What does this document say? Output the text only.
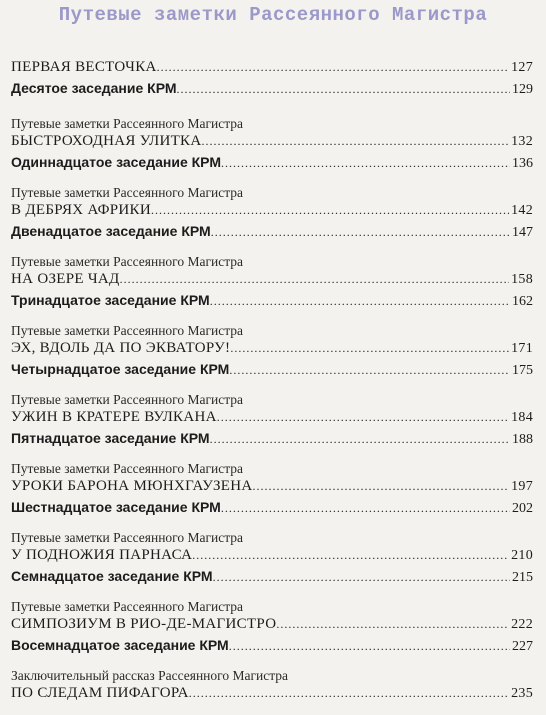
Путевые заметки Рассеянного Магистра
ПЕРВАЯ ВЕСТОЧКА .....	127
Десятое заседание КРМ .....	129
Путевые заметки Рассеянного Магистра
БЫСТРОХОДНАЯ УЛИТКА .....	132
Одиннадцатое заседание КРМ .....	136
Путевые заметки Рассеянного Магистра
В ДЕБРЯХ АФРИКИ .....	142
Двенадцатое заседание КРМ .....	147
Путевые заметки Рассеянного Магистра
НА ОЗЕРЕ ЧАД .....	158
Тринадцатое заседание КРМ .....	162
Путевые заметки Рассеянного Магистра
ЭХ, ВДОЛЬ ДА ПО ЭКВАТОРУ! .....	171
Четырнадцатое заседание КРМ .....	175
Путевые заметки Рассеянного Магистра
УЖИН В КРАТЕРЕ ВУЛКАНА .....	184
Пятнадцатое заседание КРМ .....	188
Путевые заметки Рассеянного Магистра
УРОКИ БАРОНА МЮНХГАУЗЕНА .....	197
Шестнадцатое заседание КРМ .....	202
Путевые заметки Рассеянного Магистра
У ПОДНОЖИЯ ПАРНАСА .....	210
Семнадцатое заседание КРМ .....	215
Путевые заметки Рассеянного Магистра
СИМПОЗИУМ В РИО-ДЕ-МАГИСТРО .....	222
Восемнадцатое заседание КРМ .....	227
Заключительный рассказ Рассеянного Магистра
ПО СЛЕДАМ ПИФАГОРА .....	235
